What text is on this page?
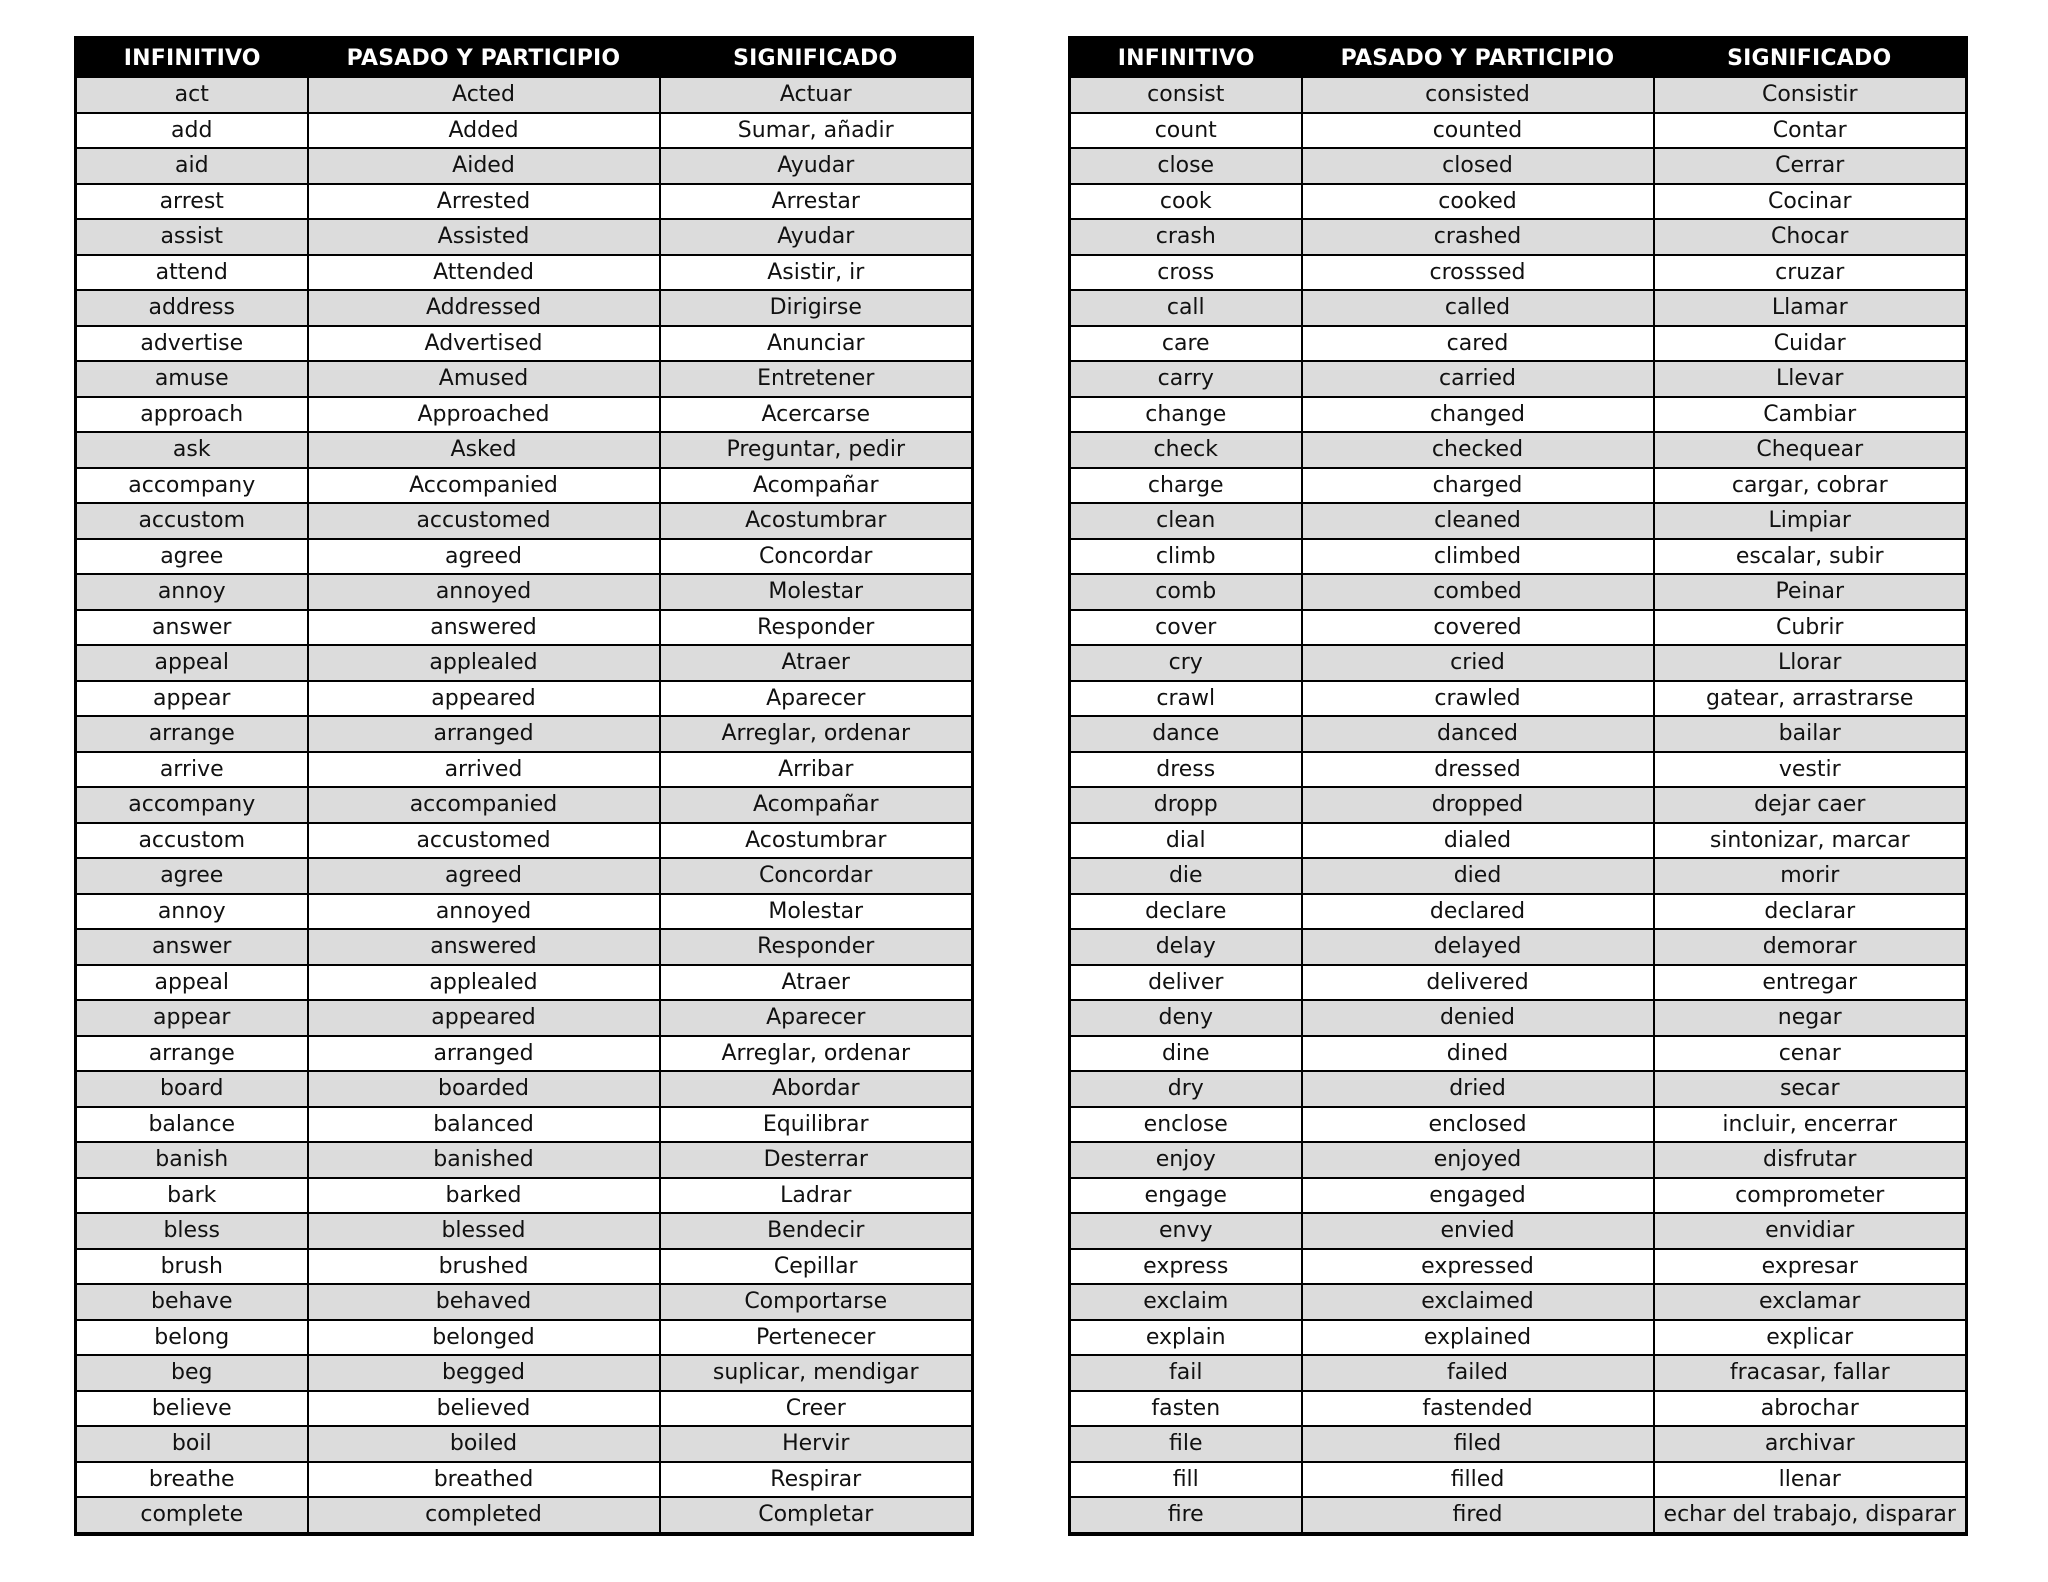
INFINITIVO	PASADO Y PARTICIPIO	SIGNIFICADO
act	Acted	Actuar
add	Added	Sumar, añadir
aid	Aided	Ayudar
arrest	Arrested	Arrestar
assist	Assisted	Ayudar
attend	Attended	Asistir, ir
address	Addressed	Dirigirse
advertise	Advertised	Anunciar
amuse	Amused	Entretener
approach	Approached	Acercarse
ask	Asked	Preguntar, pedir
accompany	Accompanied	Acompañar
accustom	accustomed	Acostumbrar
agree	agreed	Concordar
annoy	annoyed	Molestar
answer	answered	Responder
appeal	applealed	Atraer
appear	appeared	Aparecer
arrange	arranged	Arreglar, ordenar
arrive	arrived	Arribar
accompany	accompanied	Acompañar
accustom	accustomed	Acostumbrar
agree	agreed	Concordar
annoy	annoyed	Molestar
answer	answered	Responder
appeal	applealed	Atraer
appear	appeared	Aparecer
arrange	arranged	Arreglar, ordenar
board	boarded	Abordar
balance	balanced	Equilibrar
banish	banished	Desterrar
bark	barked	Ladrar
bless	blessed	Bendecir
brush	brushed	Cepillar
behave	behaved	Comportarse
belong	belonged	Pertenecer
beg	begged	suplicar, mendigar
believe	believed	Creer
boil	boiled	Hervir
breathe	breathed	Respirar
complete	completed	Completar
INFINITIVO	PASADO Y PARTICIPIO	SIGNIFICADO
consist	consisted	Consistir
count	counted	Contar
close	closed	Cerrar
cook	cooked	Cocinar
crash	crashed	Chocar
cross	crosssed	cruzar
call	called	Llamar
care	cared	Cuidar
carry	carried	Llevar
change	changed	Cambiar
check	checked	Chequear
charge	charged	cargar, cobrar
clean	cleaned	Limpiar
climb	climbed	escalar, subir
comb	combed	Peinar
cover	covered	Cubrir
cry	cried	Llorar
crawl	crawled	gatear, arrastrarse
dance	danced	bailar
dress	dressed	vestir
dropp	dropped	dejar caer
dial	dialed	sintonizar, marcar
die	died	morir
declare	declared	declarar
delay	delayed	demorar
deliver	delivered	entregar
deny	denied	negar
dine	dined	cenar
dry	dried	secar
enclose	enclosed	incluir, encerrar
enjoy	enjoyed	disfrutar
engage	engaged	comprometer
envy	envied	envidiar
express	expressed	expresar
exclaim	exclaimed	exclamar
explain	explained	explicar
fail	failed	fracasar, fallar
fasten	fastended	abrochar
file	filed	archivar
fill	filled	llenar
fire	fired	echar del trabajo, disparar
